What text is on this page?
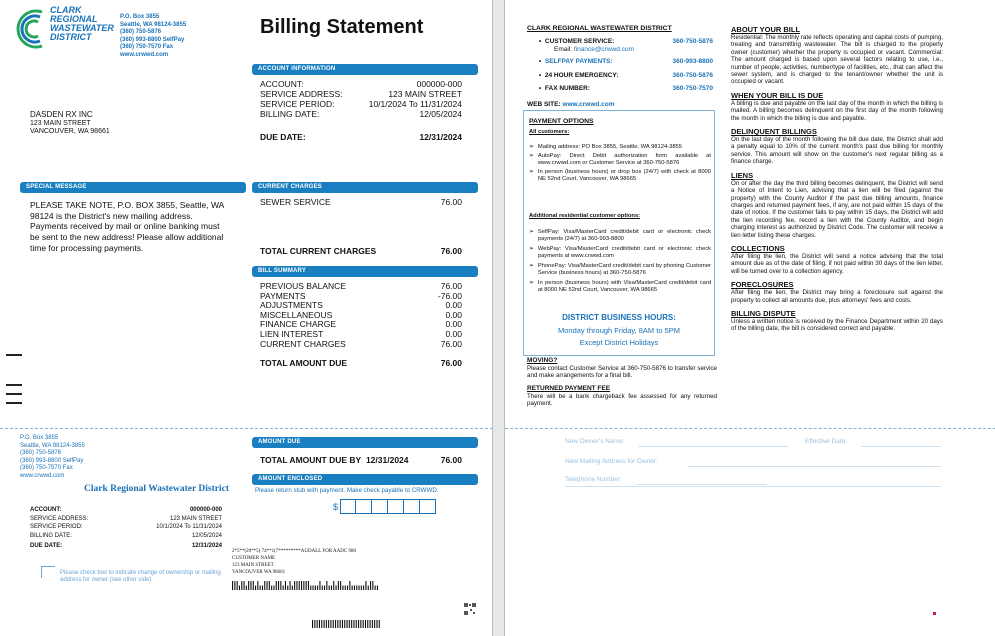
CLARK
REGIONAL
WASTEWATER
DISTRICT
P.O. Box 3855
Seattle, WA 98124-3855
(360) 750-5876
(360) 993-8800 SelfPay
(360) 750-7570 Fax
www.crwwd.com
Billing Statement
ACCOUNT INFORMATION
ACCOUNT:	000000-000
SERVICE ADDRESS:	123 MAIN STREET
SERVICE PERIOD:	10/1/2024 To 11/31/2024
BILLING DATE:	12/05/2024
DUE DATE:	12/31/2024
DASDEN RX INC
123 MAIN STREET
VANCOUVER, WA 98661
SPECIAL MESSAGE
PLEASE TAKE NOTE, P.O. BOX 3855, Seattle, WA 98124 is the District's new mailing address. Payments received by mail or online banking must be sent to the new address! Please allow additional time for processing payments.
CURRENT CHARGES
SEWER SERVICE	76.00
TOTAL CURRENT CHARGES	76.00
BILL SUMMARY
PREVIOUS BALANCE	76.00
PAYMENTS	-76.00
ADJUSTMENTS	0.00
MISCELLANEOUS	0.00
FINANCE CHARGE	0.00
LIEN INTEREST	0.00
CURRENT CHARGES	76.00
TOTAL AMOUNT DUE	76.00
P.O. Box 3855
Seattle, WA 98124-3855
(360) 750-5876
(360) 993-8800 SelfPay
(360) 750-7570 Fax
www.crwwd.com
Clark Regional Wastewater District
AMOUNT DUE
TOTAL AMOUNT DUE BY
12/31/2024	76.00
AMOUNT ENCLOSED
Please return stub with payment. Make check payable to CRWWD.
$
ACCOUNT:	000000-000
SERVICE ADDRESS:	123 MAIN STREET
SERVICE PERIOD:	10/1/2024 To 11/31/2024
BILLING DATE:	12/05/2024
DUE DATE:	12/31/2024
Please check box to indicate change of ownership or mailing address for owner (see other side)
2*5**(20**5) 74**1(7*********AUDALL FOR AADC 980
CUSTOMER NAME
123 MAIN STREET
VANCOUVER WA 98661
CLARK REGIONAL WASTEWATER DISTRICT
•  CUSTOMER SERVICE:	360-750-5876
Email: finance@crwwd.com
•  SELFPAY PAYMENTS:	360-993-8800
•  24 HOUR EMERGENCY:	360-750-5876
•  FAX NUMBER:	360-750-7570
WEB SITE: www.crwwd.com
PAYMENT OPTIONS
All customers:
➢ Mailing address: PO Box 3855, Seattle, WA 98124-3855
➢ AutoPay: Direct Debit authorization form available at www.crwwd.com or Customer Service at 360-750-5876
➢ In person (business hours) or drop box (24/7) with check at 8000 NE 52nd Court, Vancouver, WA 98665
Additional residential customer options:
➢ SelfPay: Visa/MasterCard credit/debit card or electronic check payments (24/7) at 360-993-8800
➢ WebPay: Visa/MasterCard credit/debit card or electronic check payments at www.crwwd.com
➢ PhonePay: Visa/MasterCard credit/debit card by phoning Customer Service (business hours) at 360-750-5876
➢ In person (business hours) with Visa/MasterCard credit/debit card at 8000 NE 52nd Court, Vancouver, WA 98665
DISTRICT BUSINESS HOURS:
Monday through Friday, 8AM to 5PM
Except District Holidays
MOVING?
Please contact Customer Service at 360-750-5876 to transfer service and make arrangements for a final bill.
RETURNED PAYMENT FEE
There will be a bank chargeback fee assessed for any returned payment.
ABOUT YOUR BILL
Residential: The monthly rate reflects operating and capital costs of pumping, treating and transmitting wastewater. The bill is charged to the property owner (customer) whether the property is occupied or vacant. Commercial: The amount charged is based upon several factors relating to use, i.e., number of people, activities, number/type of facilities, etc., that can affect the sewer system, and is charged to the tenant/owner whether the unit is occupied or vacant.
WHEN YOUR BILL IS DUE
A billing is due and payable on the last day of the month in which the billing is mailed. A billing becomes delinquent on the first day of the month following the month in which the billing is due and payable.
DELINQUENT BILLINGS
On the last day of the month following the bill due date, the District shall add a penalty equal to 10% of the current month's past due billing for monthly service. This amount will show on the customer's next regular billing as a finance charge.
LIENS
On or after the day the third billing becomes delinquent, the District will send a Notice of Intent to Lien, advising that a lien will be filed (against the property) with the County Auditor if the past due billing amounts, finance charges and returned payment fees, if any, are not paid within 15 days of the date of notice. If the customer fails to pay within 15 days, the District will add the lien recording fee, record a lien with the County Auditor, and begin charging interest as authorized by District Code. The customer will receive a lien letter listing these charges.
COLLECTIONS
After filing the lien, the District will send a notice advising that the total amount due as of the date of filing, if not paid within 30 days of the lien letter, will be turned over to a collection agency.
FORECLOSURES
After filing the lien, the District may bring a foreclosure suit against the property to collect all amounts due, plus attorneys' fees and costs.
BILLING DISPUTE
Unless a written notice is received by the Finance Department within 20 days of the billing date, the bill is considered correct and payable.
New Owner's Name:	Effective Date:
New Mailing Address for Owner:
Telephone Number:
